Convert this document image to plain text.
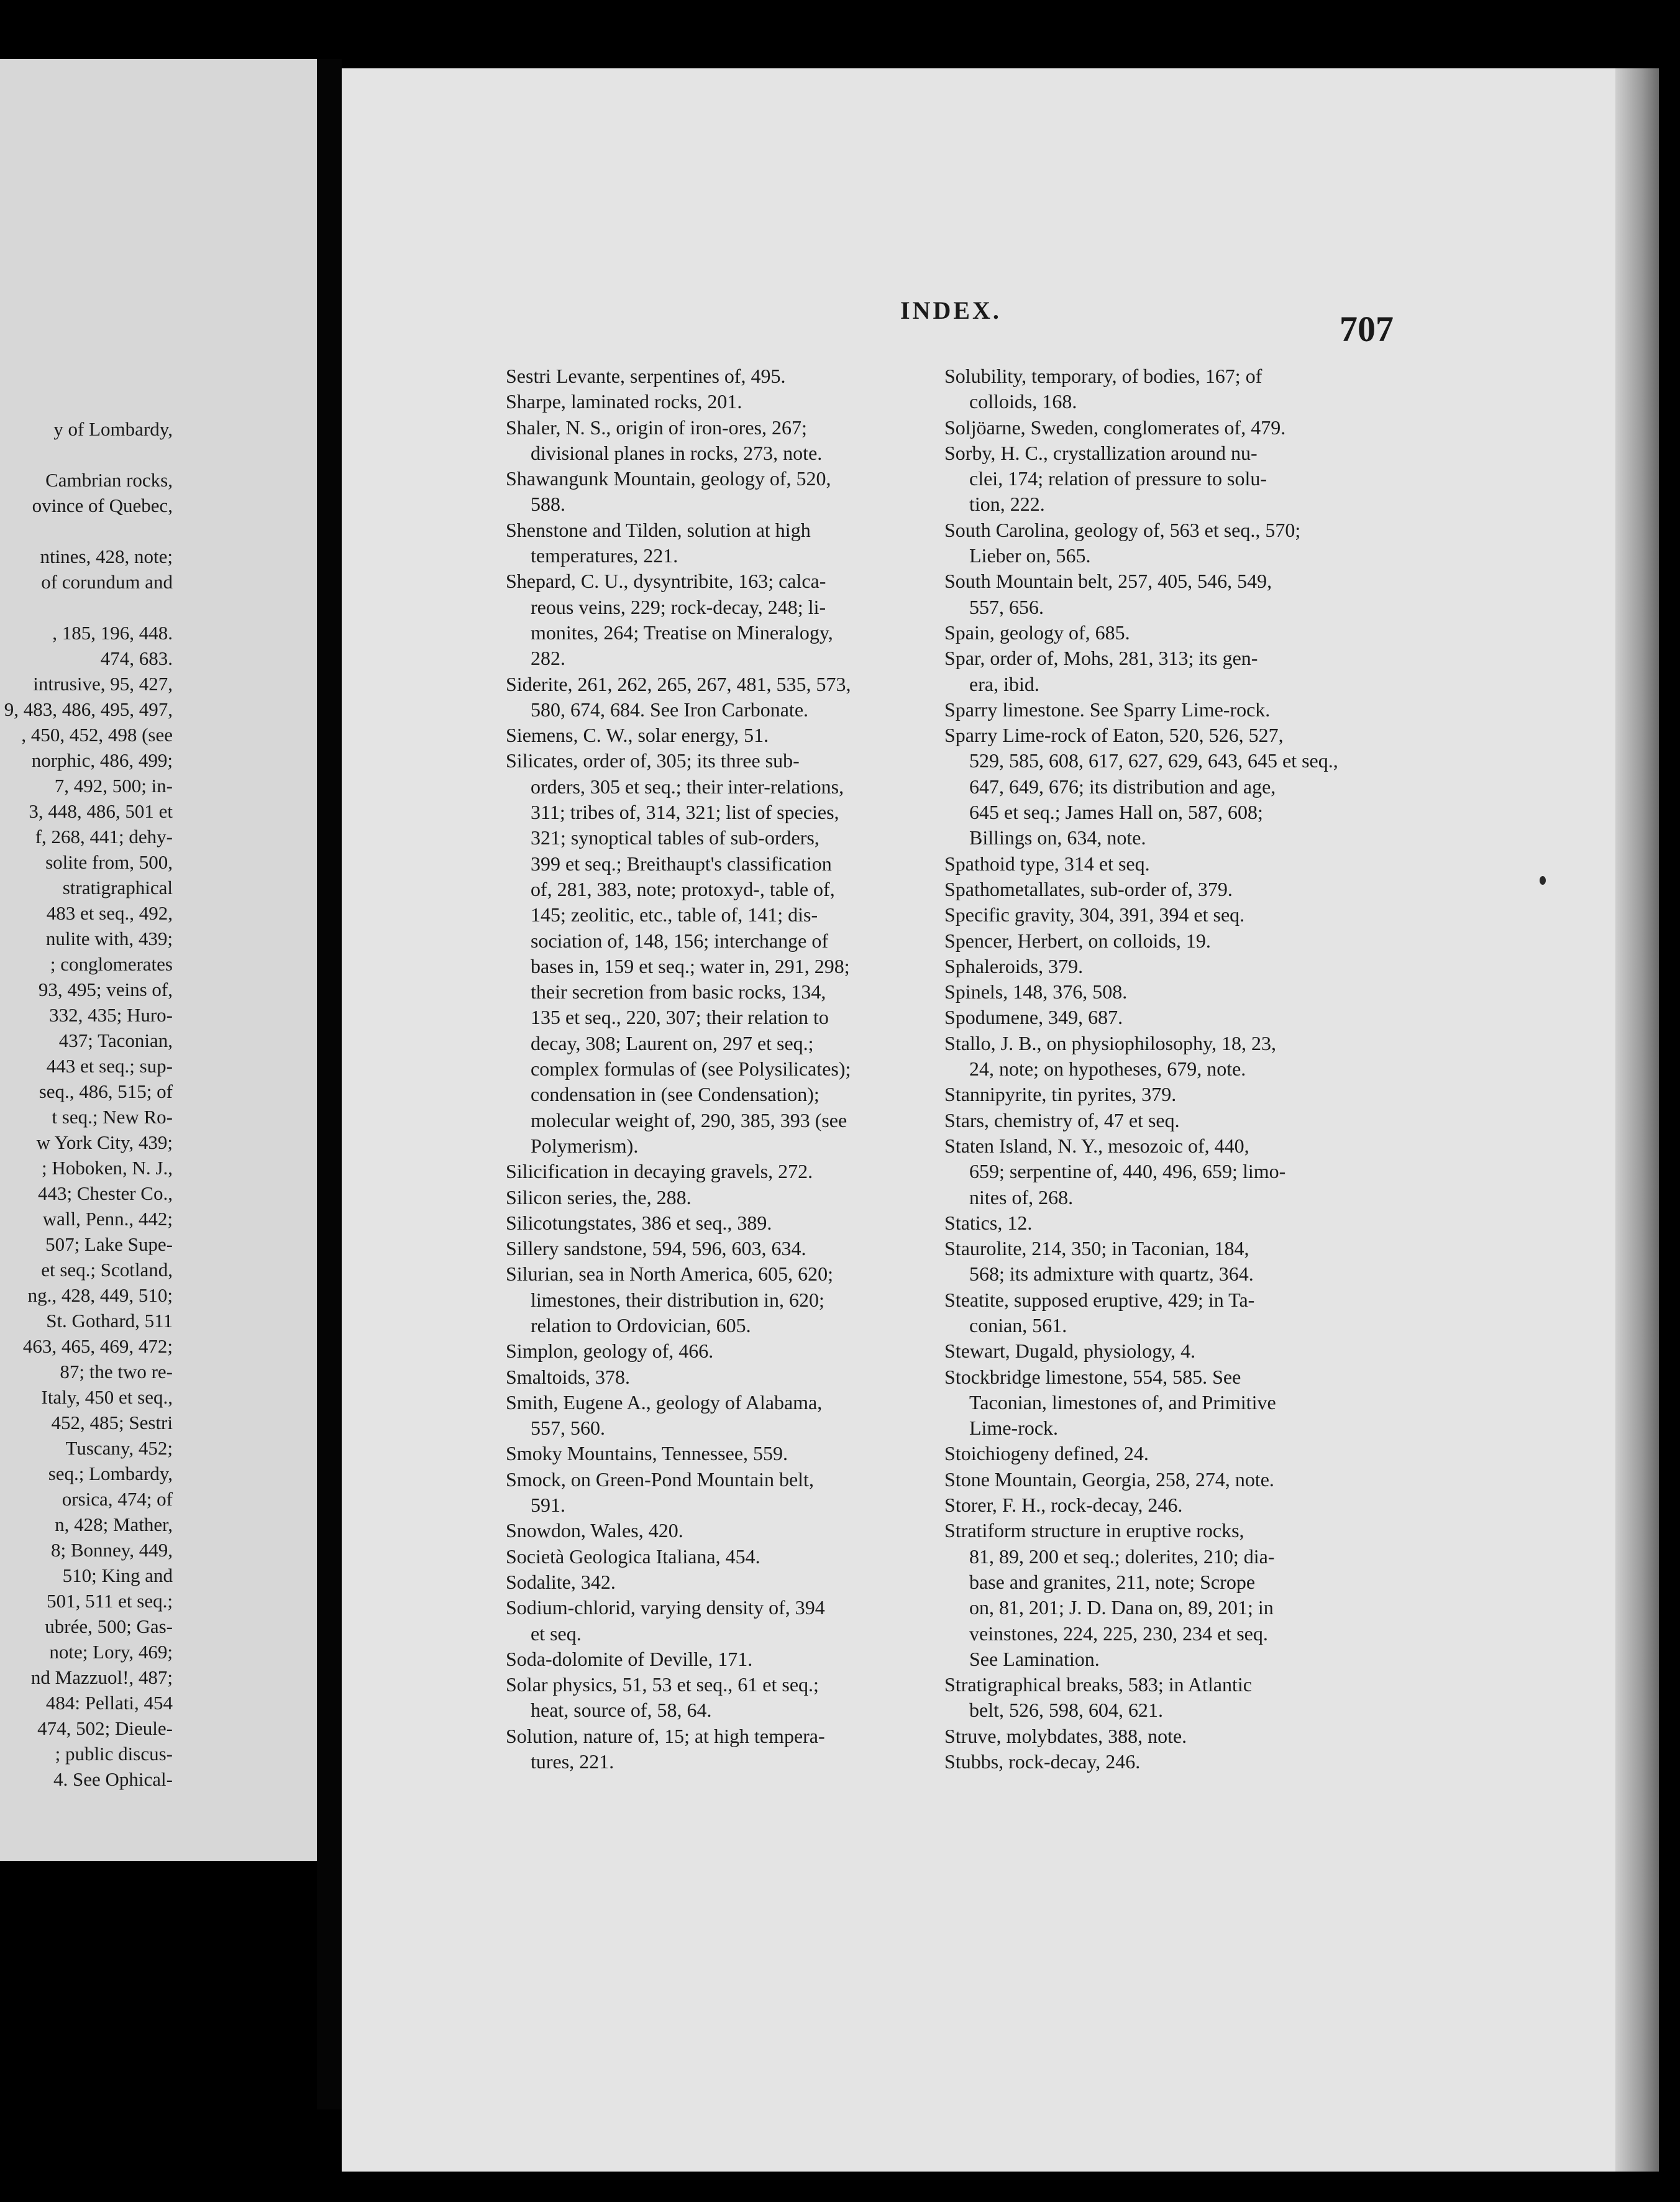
y of Lombardy,
Cambrian rocks,
ovince of Quebec,
ntines, 428, note;
of corundum and
, 185, 196, 448.
474, 683.
intrusive, 95, 427,
9, 483, 486, 495, 497,
, 450, 452, 498 (see
norphic, 486, 499;
7, 492, 500; in-
3, 448, 486, 501 et
f, 268, 441; dehy-
solite from, 500,
stratigraphical
483 et seq., 492,
nulite with, 439;
; conglomerates
93, 495; veins of,
332, 435; Huro-
437; Taconian,
443 et seq.; sup-
seq., 486, 515; of
t seq.; New Ro-
w York City, 439;
; Hoboken, N. J.,
443; Chester Co.,
wall, Penn., 442;
507; Lake Supe-
et seq.; Scotland,
ng., 428, 449, 510;
St. Gothard, 511
463, 465, 469, 472;
87; the two re-
Italy, 450 et seq.,
452, 485; Sestri
Tuscany, 452;
seq.; Lombardy,
orsica, 474; of
n, 428; Mather,
8; Bonney, 449,
510; King and
501, 511 et seq.;
ubrée, 500; Gas-
note; Lory, 469;
nd Mazzuol!, 487;
484: Pellati, 454
474, 502; Dieule-
; public discus-
4. See Ophical-
INDEX.	707
Sestri Levante, serpentines of, 495.
Sharpe, laminated rocks, 201.
Shaler, N. S., origin of iron-ores, 267;
divisional planes in rocks, 273, note.
Shawangunk Mountain, geology of, 520,
588.
Shenstone and Tilden, solution at high
temperatures, 221.
Shepard, C. U., dysyntribite, 163; calca-
reous veins, 229; rock-decay, 248; li-
monites, 264; Treatise on Mineralogy,
282.
Siderite, 261, 262, 265, 267, 481, 535, 573,
580, 674, 684. See Iron Carbonate.
Siemens, C. W., solar energy, 51.
Silicates, order of, 305; its three sub-
orders, 305 et seq.; their inter-relations,
311; tribes of, 314, 321; list of species,
321; synoptical tables of sub-orders,
399 et seq.; Breithaupt's classification
of, 281, 383, note; protoxyd-, table of,
145; zeolitic, etc., table of, 141; dis-
sociation of, 148, 156; interchange of
bases in, 159 et seq.; water in, 291, 298;
their secretion from basic rocks, 134,
135 et seq., 220, 307; their relation to
decay, 308; Laurent on, 297 et seq.;
complex formulas of (see Polysilicates);
condensation in (see Condensation);
molecular weight of, 290, 385, 393 (see
Polymerism).
Silicification in decaying gravels, 272.
Silicon series, the, 288.
Silicotungstates, 386 et seq., 389.
Sillery sandstone, 594, 596, 603, 634.
Silurian, sea in North America, 605, 620;
limestones, their distribution in, 620;
relation to Ordovician, 605.
Simplon, geology of, 466.
Smaltoids, 378.
Smith, Eugene A., geology of Alabama,
557, 560.
Smoky Mountains, Tennessee, 559.
Smock, on Green-Pond Mountain belt,
591.
Snowdon, Wales, 420.
Società Geologica Italiana, 454.
Sodalite, 342.
Sodium-chlorid, varying density of, 394
et seq.
Soda-dolomite of Deville, 171.
Solar physics, 51, 53 et seq., 61 et seq.;
heat, source of, 58, 64.
Solution, nature of, 15; at high tempera-
tures, 221.
Solubility, temporary, of bodies, 167; of
colloids, 168.
Soljöarne, Sweden, conglomerates of, 479.
Sorby, H. C., crystallization around nu-
clei, 174; relation of pressure to solu-
tion, 222.
South Carolina, geology of, 563 et seq., 570;
Lieber on, 565.
South Mountain belt, 257, 405, 546, 549,
557, 656.
Spain, geology of, 685.
Spar, order of, Mohs, 281, 313; its gen-
era, ibid.
Sparry limestone. See Sparry Lime-rock.
Sparry Lime-rock of Eaton, 520, 526, 527,
529, 585, 608, 617, 627, 629, 643, 645 et seq.,
647, 649, 676; its distribution and age,
645 et seq.; James Hall on, 587, 608;
Billings on, 634, note.
Spathoid type, 314 et seq.
Spathometallates, sub-order of, 379.
Specific gravity, 304, 391, 394 et seq.
Spencer, Herbert, on colloids, 19.
Sphaleroids, 379.
Spinels, 148, 376, 508.
Spodumene, 349, 687.
Stallo, J. B., on physiophilosophy, 18, 23,
24, note; on hypotheses, 679, note.
Stannipyrite, tin pyrites, 379.
Stars, chemistry of, 47 et seq.
Staten Island, N. Y., mesozoic of, 440,
659; serpentine of, 440, 496, 659; limo-
nites of, 268.
Statics, 12.
Staurolite, 214, 350; in Taconian, 184,
568; its admixture with quartz, 364.
Steatite, supposed eruptive, 429; in Ta-
conian, 561.
Stewart, Dugald, physiology, 4.
Stockbridge limestone, 554, 585. See
Taconian, limestones of, and Primitive
Lime-rock.
Stoichiogeny defined, 24.
Stone Mountain, Georgia, 258, 274, note.
Storer, F. H., rock-decay, 246.
Stratiform structure in eruptive rocks,
81, 89, 200 et seq.; dolerites, 210; dia-
base and granites, 211, note; Scrope
on, 81, 201; J. D. Dana on, 89, 201; in
veinstones, 224, 225, 230, 234 et seq.
See Lamination.
Stratigraphical breaks, 583; in Atlantic
belt, 526, 598, 604, 621.
Struve, molybdates, 388, note.
Stubbs, rock-decay, 246.
